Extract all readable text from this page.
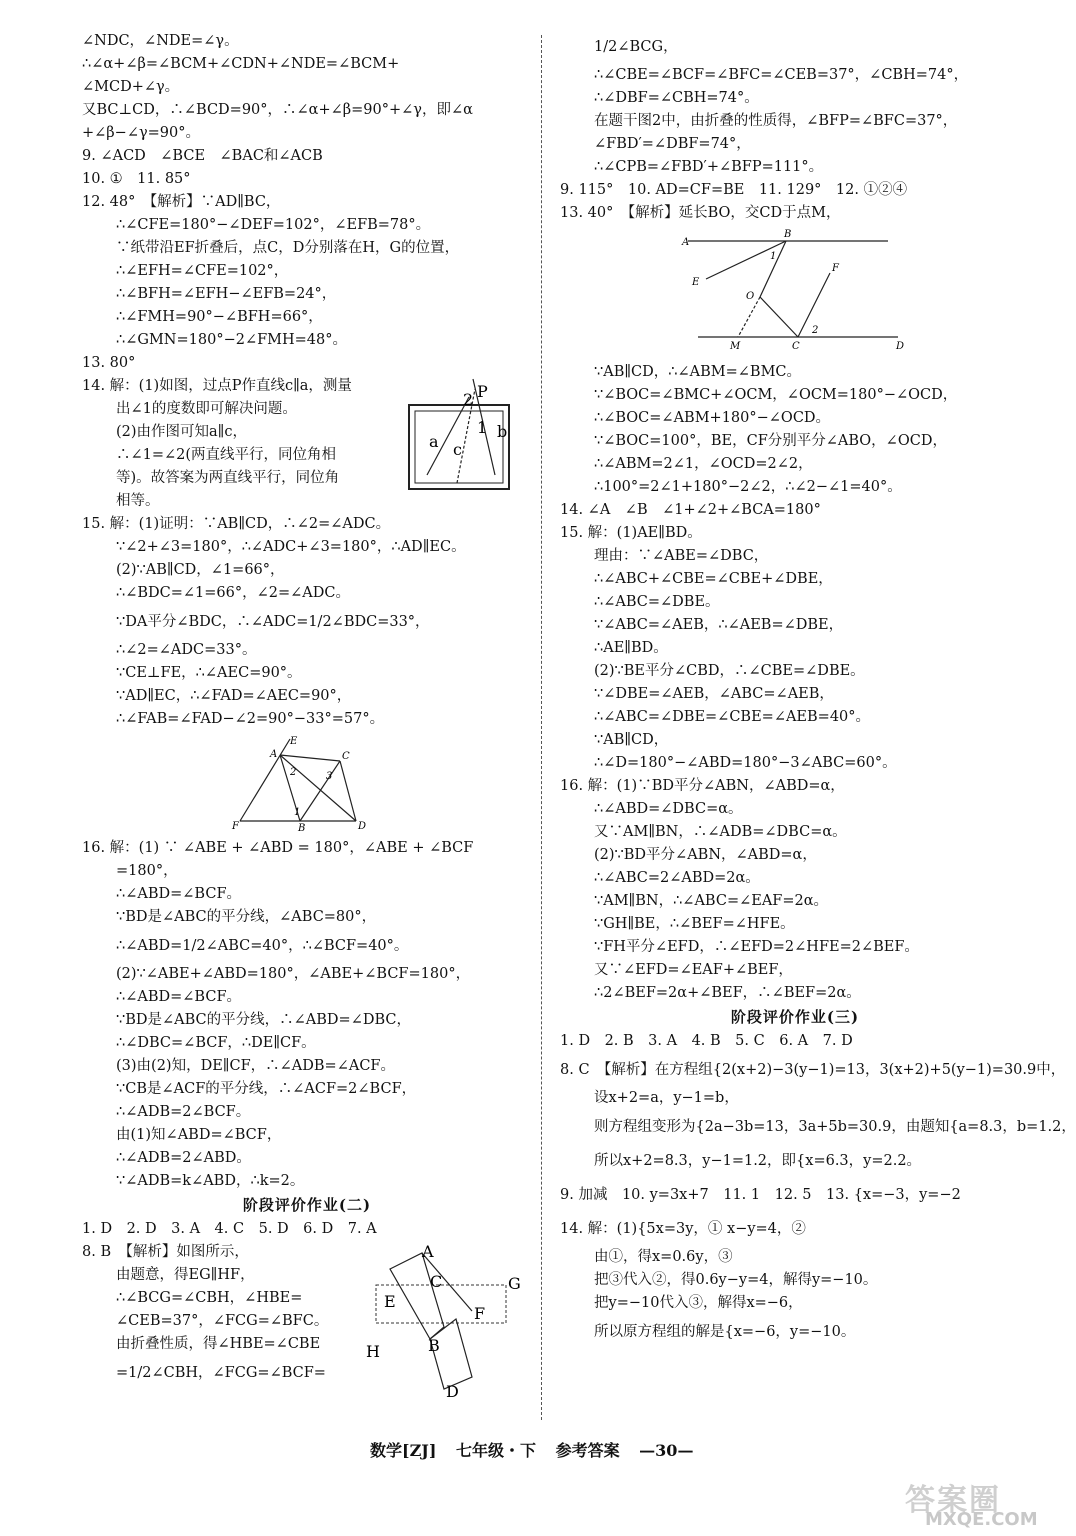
∠NDC，∠NDE=∠γ。
∴∠α+∠β=∠BCM+∠CDN+∠NDE=∠BCM+
∠MCD+∠γ。
又BC⊥CD，∴∠BCD=90°，∴∠α+∠β=90°+∠γ，即∠α
+∠β−∠γ=90°。
9. ∠ACD　∠BCE　∠BAC和∠ACB
10. ①　11. 85°
12. 48°　【解析】∵AD∥BC，
∴∠CFE=180°−∠DEF=102°，∠EFB=78°。
∵纸带沿EF折叠后，点C，D分别落在H，G的位置，
∴∠EFH=∠CFE=102°，
∴∠BFH=∠EFH−∠EFB=24°，
∴∠FMH=90°−∠BFH=66°，
∴∠GMN=180°−2∠FMH=48°。
13. 80°
14. 解：(1)如图，过点P作直线c∥a，测量
出∠1的度数即可解决问题。
(2)由作图可知a∥c，
∴∠1=∠2(两直线平行，同位角相
等)。故答案为两直线平行，同位角
相等。
P
2
1
a c
b
15. 解：(1)证明：∵AB∥CD，∴∠2=∠ADC。
∵∠2+∠3=180°，∴∠ADC+∠3=180°，∴AD∥EC。
(2)∵AB∥CD，∠1=66°，
∴∠BDC=∠1=66°，∠2=∠ADC。
∵DA平分∠BDC，∴∠ADC=1/2∠BDC=33°，
∴∠2=∠ADC=33°。
∵CE⊥FE，∴∠AEC=90°。
∵AD∥EC，∴∠FAD=∠AEC=90°，
∴∠FAB=∠FAD−∠2=90°−33°=57°。
E
A	C
2	3
1
F	B	D
16. 解：(1) ∵ ∠ABE + ∠ABD = 180°，∠ABE + ∠BCF
=180°，
∴∠ABD=∠BCF。
∵BD是∠ABC的平分线，∠ABC=80°，
∴∠ABD=1/2∠ABC=40°，∴∠BCF=40°。
(2)∵∠ABE+∠ABD=180°，∠ABE+∠BCF=180°，
∴∠ABD=∠BCF。
∵BD是∠ABC的平分线，∴∠ABD=∠DBC，
∴∠DBC=∠BCF，∴DE∥CF。
(3)由(2)知，DE∥CF，∴∠ADB=∠ACF。
∵CB是∠ACF的平分线，∴∠ACF=2∠BCF，
∴∠ADB=2∠BCF。
由(1)知∠ABD=∠BCF，
∴∠ADB=2∠ABD。
∵∠ADB=k∠ABD，∴k=2。
阶段评价作业(二)
1. D　2. D　3. A　4. C　5. D　6. D　7. A
8. B　【解析】如图所示，
由题意，得EG∥HF，
∴∠BCG=∠CBH，∠HBE=
∠CEB=37°，∠FCG=∠BFC。
由折叠性质，得∠HBE=∠CBE
=1/2∠CBH，∠FCG=∠BCF=
A
C	G
E
F
H	B
D
1/2∠BCG，
∴∠CBE=∠BCF=∠BFC=∠CEB=37°，∠CBH=74°，
∴∠DBF=∠CBH=74°。
在题干图2中，由折叠的性质得，∠BFP=∠BFC=37°，
∠FBD′=∠DBF=74°，
∴∠CPB=∠FBD′+∠BFP=111°。
9. 115°　10. AD=CF=BE　11. 129°　12. ①②④
13. 40°　【解析】延长BO，交CD于点M，
A
B
1
E
O
F
M	C
2
D
∵AB∥CD，∴∠ABM=∠BMC。
∵∠BOC=∠BMC+∠OCM，∠OCM=180°−∠OCD，
∴∠BOC=∠ABM+180°−∠OCD。
∵∠BOC=100°，BE，CF分别平分∠ABO，∠OCD，
∴∠ABM=2∠1，∠OCD=2∠2，
∴100°=2∠1+180°−2∠2，∴∠2−∠1=40°。
14. ∠A　∠B　∠1+∠2+∠BCA=180°
15. 解：(1)AE∥BD。
理由：∵∠ABE=∠DBC，
∴∠ABC+∠CBE=∠CBE+∠DBE，
∴∠ABC=∠DBE。
∵∠ABC=∠AEB，∴∠AEB=∠DBE，
∴AE∥BD。
(2)∵BE平分∠CBD，∴∠CBE=∠DBE。
∵∠DBE=∠AEB，∠ABC=∠AEB，
∴∠ABC=∠DBE=∠CBE=∠AEB=40°。
∵AB∥CD，
∴∠D=180°−∠ABD=180°−3∠ABC=60°。
16. 解：(1)∵BD平分∠ABN，∠ABD=α，
∴∠ABD=∠DBC=α。
又∵AM∥BN，∴∠ADB=∠DBC=α。
(2)∵BD平分∠ABN，∠ABD=α，
∴∠ABC=2∠ABD=2α。
∵AM∥BN，∴∠ABC=∠EAF=2α。
∵GH∥BE，∴∠BEF=∠HFE。
∵FH平分∠EFD，∴∠EFD=2∠HFE=2∠BEF。
又∵∠EFD=∠EAF+∠BEF，
∴2∠BEF=2α+∠BEF，∴∠BEF=2α。
阶段评价作业(三)
1. D　2. B　3. A　4. B　5. C　6. A　7. D
8. C　【解析】在方程组{2(x+2)−3(y−1)=13，3(x+2)+5(y−1)=30.9中，
设x+2=a，y−1=b，
则方程组变形为{2a−3b=13，3a+5b=30.9，由题知{a=8.3，b=1.2，
所以x+2=8.3，y−1=1.2，即{x=6.3，y=2.2。
9. 加减　10. y=3x+7　11. 1　12. 5　13. {x=−3，y=−2
14. 解：(1){5x=3y，① x−y=4，②
由①，得x=0.6y，③
把③代入②，得0.6y−y=4，解得y=−10。
把y=−10代入③，解得x=−6，
所以原方程组的解是{x=−6，y=−10。
数学[ZJ] 七年级・下 参考答案 —30—
答案圈
MXQE.COM
